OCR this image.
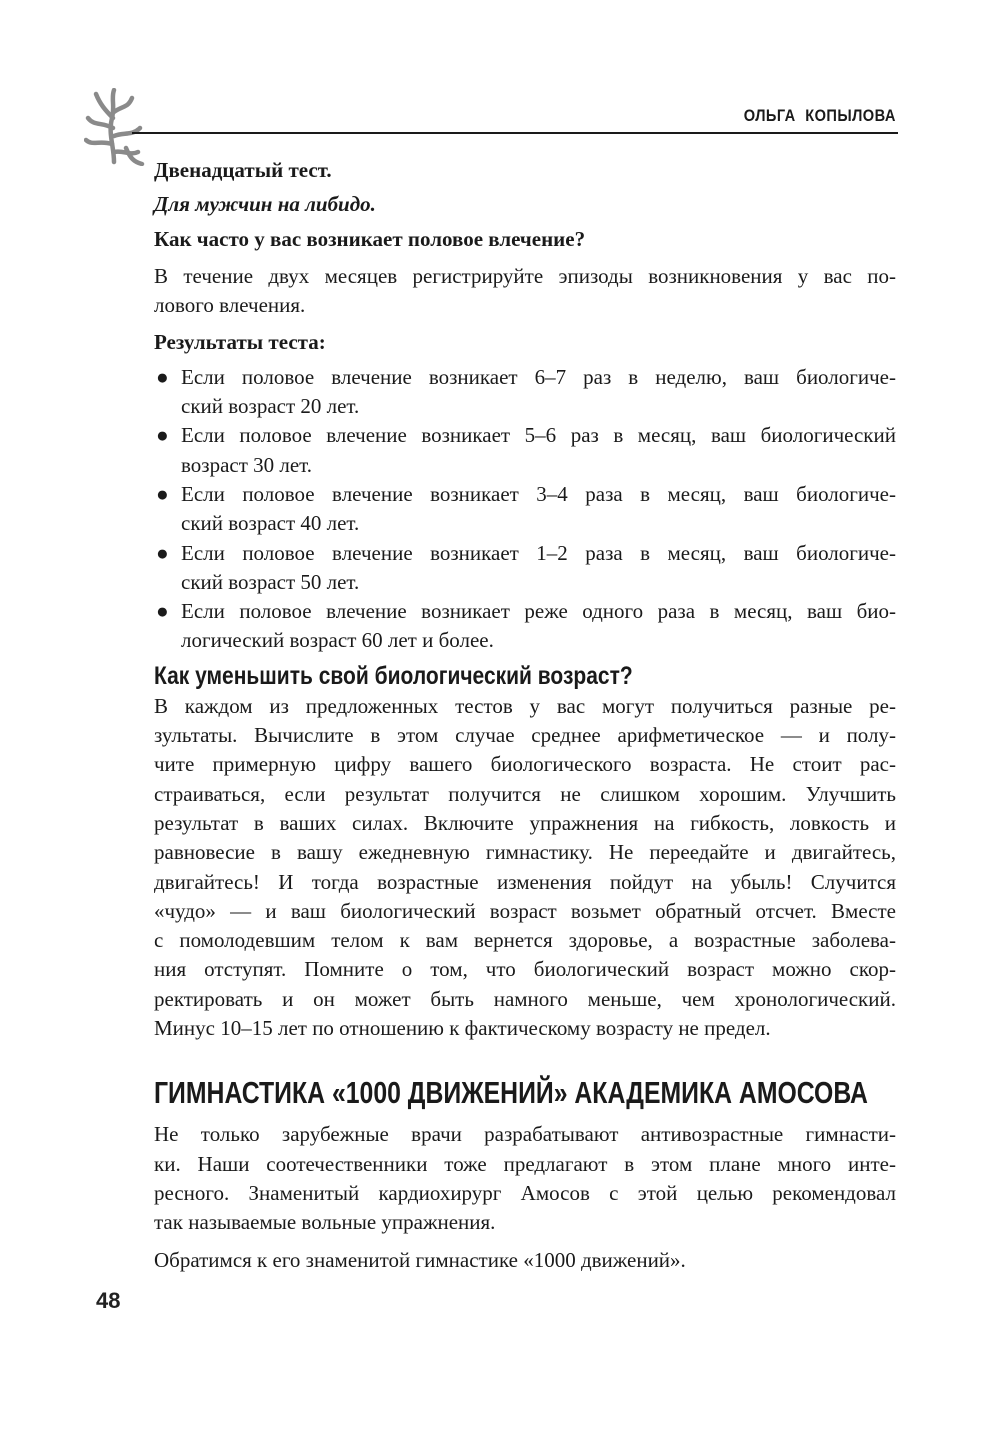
ОЛЬГА КОПЫЛОВА
Двенадцатый тест.
Для мужчин на либидо.
Как часто у вас возникает половое влечение?
В течение двух месяцев регистрируйте эпизоды возникновения у вас по-
лового влечения.
Результаты теста:
● Если половое влечение возникает 6–7 раз в неделю, ваш биологиче-
ский возраст 20 лет.
● Если половое влечение возникает 5–6 раз в месяц, ваш биологический
возраст 30 лет.
● Если половое влечение возникает 3–4 раза в месяц, ваш биологиче-
ский возраст 40 лет.
● Если половое влечение возникает 1–2 раза в месяц, ваш биологиче-
ский возраст 50 лет.
● Если половое влечение возникает реже одного раза в месяц, ваш био-
логический возраст 60 лет и более.
Как уменьшить свой биологический возраст?
В каждом из предложенных тестов у вас могут получиться разные ре-
зультаты. Вычислите в этом случае среднее арифметическое — и полу-
чите примерную цифру вашего биологического возраста. Не стоит рас-
страиваться, если результат получится не слишком хорошим. Улучшить
результат в ваших силах. Включите упражнения на гибкость, ловкость и
равновесие в вашу ежедневную гимнастику. Не переедайте и двигайтесь,
двигайтесь! И тогда возрастные изменения пойдут на убыль! Случится
«чудо» — и ваш биологический возраст возьмет обратный отсчет. Вместе
с помолодевшим телом к вам вернется здоровье, а возрастные заболева-
ния отступят. Помните о том, что биологический возраст можно скор-
ректировать и он может быть намного меньше, чем хронологический.
Минус 10–15 лет по отношению к фактическому возрасту не предел.
ГИМНАСТИКА «1000 ДВИЖЕНИЙ» АКАДЕМИКА АМОСОВА
Не только зарубежные врачи разрабатывают антивозрастные гимнасти-
ки. Наши соотечественники тоже предлагают в этом плане много инте-
ресного. Знаменитый кардиохирург Амосов с этой целью рекомендовал
так называемые вольные упражнения.
Обратимся к его знаменитой гимнастике «1000 движений».
48
